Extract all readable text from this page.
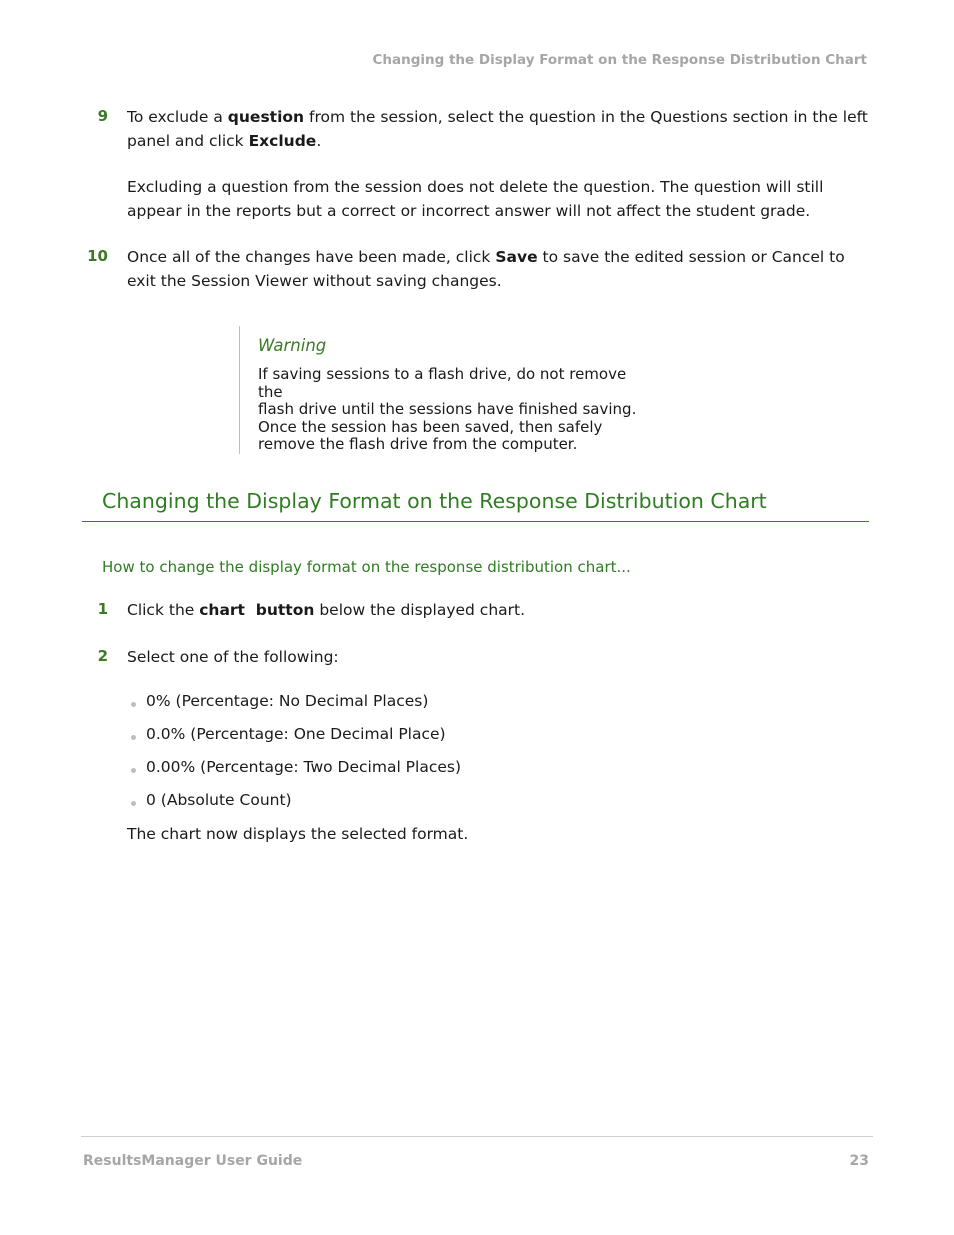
Changing the Display Format on the Response Distribution Chart
9 To exclude a question from the session, select the question in the Questions section in the left panel and click Exclude.
Excluding a question from the session does not delete the question. The question will still appear in the reports but a correct or incorrect answer will not affect the student grade.
10 Once all of the changes have been made, click Save to save the edited session or Cancel to exit the Session Viewer without saving changes.
Warning
If saving sessions to a flash drive, do not remove the
flash drive until the sessions have finished saving.
Once the session has been saved, then safely
remove the flash drive from the computer.
Changing the Display Format on the Response Distribution Chart
How to change the display format on the response distribution chart...
1 Click the chart  button below the displayed chart.
2 Select one of the following:
0% (Percentage: No Decimal Places)
0.0% (Percentage: One Decimal Place)
0.00% (Percentage: Two Decimal Places)
0 (Absolute Count)
The chart now displays the selected format.
ResultsManager User Guide	23
